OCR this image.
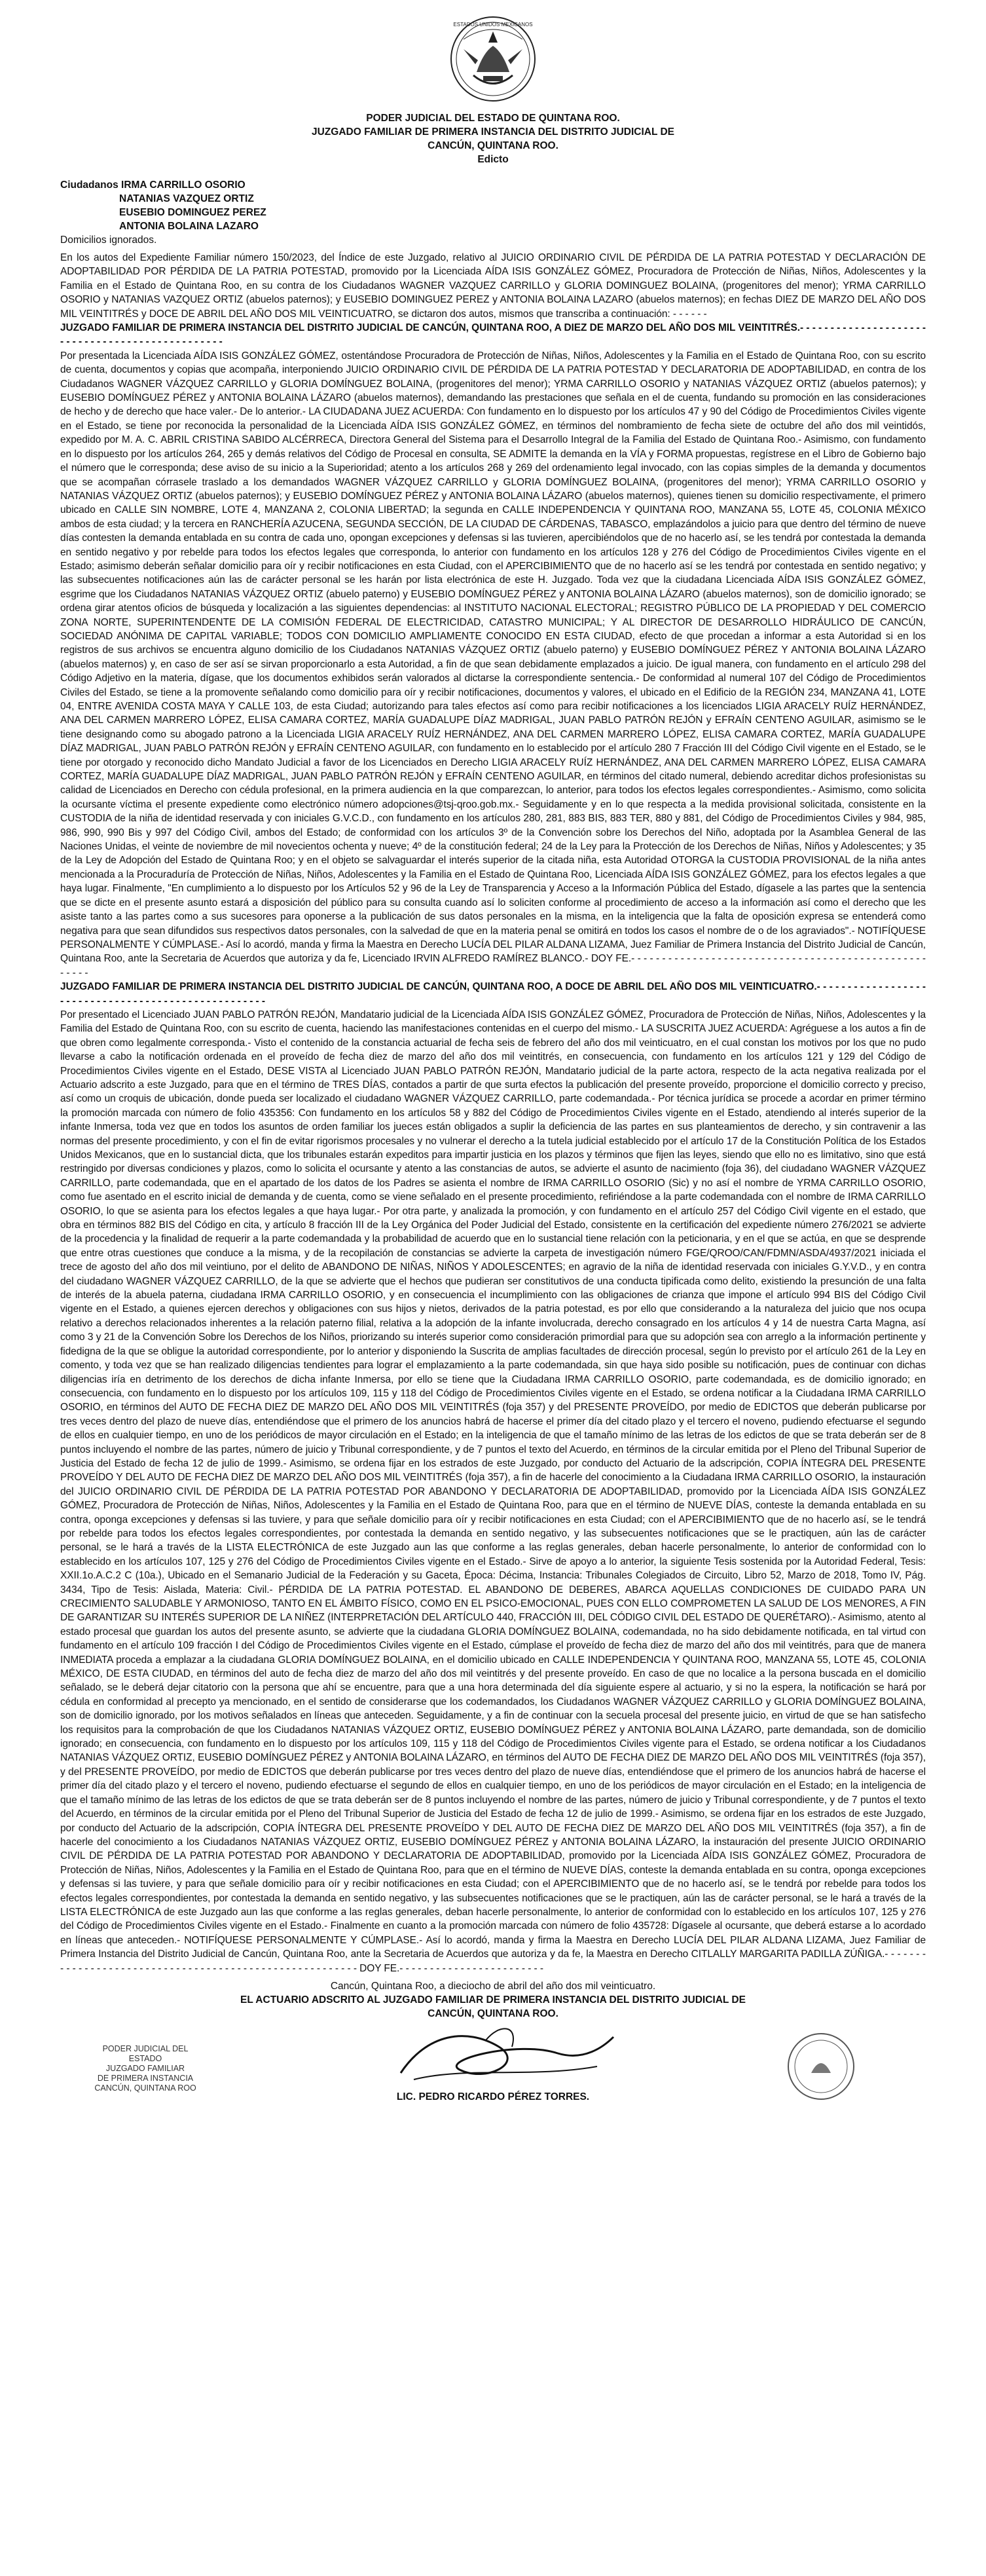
ESTADOS UNIDOS MEXICANOS
PODER JUDICIAL DEL ESTADO DE QUINTANA ROO.
JUZGADO FAMILIAR DE PRIMERA INSTANCIA DEL DISTRITO JUDICIAL DE
CANCÚN, QUINTANA ROO.
Edicto
Ciudadanos IRMA CARRILLO OSORIO
NATANIAS VAZQUEZ ORTIZ
EUSEBIO DOMINGUEZ PEREZ
ANTONIA BOLAINA LAZARO
Domicilios ignorados.

En los autos del Expediente Familiar número 150/2023, del Índice de este Juzgado, relativo al JUICIO ORDINARIO CIVIL DE PÉRDIDA DE LA PATRIA POTESTAD Y DECLARACIÓN DE ADOPTABILIDAD POR PÉRDIDA DE LA PATRIA POTESTAD, promovido por la Licenciada AÍDA ISIS GONZÁLEZ GÓMEZ, Procuradora de Protección de Niñas, Niños, Adolescentes y la Familia en el Estado de Quintana Roo, en su contra de los Ciudadanos WAGNER VAZQUEZ CARRILLO y GLORIA DOMINGUEZ BOLAINA, (progenitores del menor); YRMA CARRILLO OSORIO y NATANIAS VAZQUEZ ORTIZ (abuelos paternos); y EUSEBIO DOMINGUEZ PEREZ y ANTONIA BOLAINA LAZARO (abuelos maternos); en fechas DIEZ DE MARZO DEL AÑO DOS MIL VEINTITRÉS y DOCE DE ABRIL DEL AÑO DOS MIL VEINTICUATRO, se dictaron dos autos, mismos que transcriba a continuación: - - - - - -

JUZGADO FAMILIAR DE PRIMERA INSTANCIA DEL DISTRITO JUDICIAL DE CANCÚN, QUINTANA ROO, A DIEZ DE MARZO DEL AÑO DOS MIL VEINTITRÉS.- - - - - - - - - - - - - - - - - - - - - - - - - - - - - - - - - - - - - - - - - - - - - - - -

Por presentada la Licenciada AÍDA ISIS GONZÁLEZ GÓMEZ, ostentándose Procuradora de Protección de Niñas, Niños, Adolescentes y la Familia en el Estado de Quintana Roo, con su escrito de cuenta, documentos y copias que acompaña, interponiendo JUICIO ORDINARIO CIVIL DE PÉRDIDA DE LA PATRIA POTESTAD Y DECLARATORIA DE ADOPTABILIDAD, en contra de los Ciudadanos WAGNER VÁZQUEZ CARRILLO y GLORIA DOMÍNGUEZ BOLAINA, (progenitores del menor); YRMA CARRILLO OSORIO y NATANIAS VÁZQUEZ ORTIZ (abuelos paternos); y EUSEBIO DOMÍNGUEZ PÉREZ y ANTONIA BOLAINA LÁZARO (abuelos maternos), demandando las prestaciones que señala en el de cuenta, fundando su promoción en las consideraciones de hecho y de derecho que hace valer.- De lo anterior.- LA CIUDADANA JUEZ ACUERDA: Con fundamento en lo dispuesto por los artículos 47 y 90 del Código de Procedimientos Civiles vigente en el Estado, se tiene por reconocida la personalidad de la Licenciada AÍDA ISIS GONZÁLEZ GÓMEZ, en términos del nombramiento de fecha siete de octubre del año dos mil veintidós, expedido por M. A. C. ABRIL CRISTINA SABIDO ALCÉRRECA, Directora General del Sistema para el Desarrollo Integral de la Familia del Estado de Quintana Roo.- Asimismo, con fundamento en lo dispuesto por los artículos 264, 265 y demás relativos del Código de Procesal en consulta, SE ADMITE la demanda en la VÍA y FORMA propuestas, regístrese en el Libro de Gobierno bajo el número que le corresponda; dese aviso de su inicio a la Superioridad; atento a los artículos 268 y 269 del ordenamiento legal invocado, con las copias simples de la demanda y documentos que se acompañan córrasele traslado a los demandados WAGNER VÁZQUEZ CARRILLO y GLORIA DOMÍNGUEZ BOLAINA, (progenitores del menor); YRMA CARRILLO OSORIO y NATANIAS VÁZQUEZ ORTIZ (abuelos paternos); y EUSEBIO DOMÍNGUEZ PÉREZ y ANTONIA BOLAINA LÁZARO (abuelos maternos), quienes tienen su domicilio respectivamente, el primero ubicado en CALLE SIN NOMBRE, LOTE 4, MANZANA 2, COLONIA LIBERTAD; la segunda en CALLE INDEPENDENCIA Y QUINTANA ROO, MANZANA 55, LOTE 45, COLONIA MÉXICO ambos de esta ciudad; y la tercera en RANCHERÍA AZUCENA, SEGUNDA SECCIÓN, DE LA CIUDAD DE CÁRDENAS, TABASCO, emplazándolos a juicio para que dentro del término de nueve días contesten la demanda entablada en su contra de cada uno, opongan excepciones y defensas si las tuvieren, apercibiéndolos que de no hacerlo así, se les tendrá por contestada la demanda en sentido negativo y por rebelde para todos los efectos legales que corresponda, lo anterior con fundamento en los artículos 128 y 276 del Código de Procedimientos Civiles vigente en el Estado; asimismo deberán señalar domicilio para oír y recibir notificaciones en esta Ciudad, con el APERCIBIMIENTO que de no hacerlo así se les tendrá por contestada en sentido negativo; y las subsecuentes notificaciones aún las de carácter personal se les harán por lista electrónica de este H. Juzgado. Toda vez que la ciudadana Licenciada AÍDA ISIS GONZÁLEZ GÓMEZ, esgrime que los Ciudadanos NATANIAS VÁZQUEZ ORTIZ (abuelo paterno) y EUSEBIO DOMÍNGUEZ PÉREZ y ANTONIA BOLAINA LÁZARO (abuelos maternos), son de domicilio ignorado; se ordena girar atentos oficios de búsqueda y localización a las siguientes dependencias: al INSTITUTO NACIONAL ELECTORAL; REGISTRO PÚBLICO DE LA PROPIEDAD Y DEL COMERCIO ZONA NORTE, SUPERINTENDENTE DE LA COMISIÓN FEDERAL DE ELECTRICIDAD, CATASTRO MUNICIPAL; Y AL DIRECTOR DE DESARROLLO HIDRÁULICO DE CANCÚN, SOCIEDAD ANÓNIMA DE CAPITAL VARIABLE; TODOS CON DOMICILIO AMPLIAMENTE CONOCIDO EN ESTA CIUDAD, efecto de que procedan a informar a esta Autoridad si en los registros de sus archivos se encuentra alguno domicilio de los Ciudadanos NATANIAS VÁZQUEZ ORTIZ (abuelo paterno) y EUSEBIO DOMÍNGUEZ PÉREZ Y ANTONIA BOLAINA LÁZARO (abuelos maternos) y, en caso de ser así se sirvan proporcionarlo a esta Autoridad, a fin de que sean debidamente emplazados a juicio. De igual manera, con fundamento en el artículo 298 del Código Adjetivo en la materia, dígase, que los documentos exhibidos serán valorados al dictarse la correspondiente sentencia.- De conformidad al numeral 107 del Código de Procedimientos Civiles del Estado, se tiene a la promovente señalando como domicilio para oír y recibir notificaciones, documentos y valores, el ubicado en el Edificio de la REGIÓN 234, MANZANA 41, LOTE 04, ENTRE AVENIDA COSTA MAYA Y CALLE 103, de esta Ciudad; autorizando para tales efectos así como para recibir notificaciones a los licenciados LIGIA ARACELY RUÍZ HERNÁNDEZ, ANA DEL CARMEN MARRERO LÓPEZ, ELISA CAMARA CORTEZ, MARÍA GUADALUPE DÍAZ MADRIGAL, JUAN PABLO PATRÓN REJÓN y EFRAÍN CENTENO AGUILAR, asimismo se le tiene designando como su abogado patrono a la Licenciada LIGIA ARACELY RUÍZ HERNÁNDEZ, ANA DEL CARMEN MARRERO LÓPEZ, ELISA CAMARA CORTEZ, MARÍA GUADALUPE DÍAZ MADRIGAL, JUAN PABLO PATRÓN REJÓN y EFRAÍN CENTENO AGUILAR, con fundamento en lo establecido por el artículo 280 7 Fracción III del Código Civil vigente en el Estado, se le tiene por otorgado y reconocido dicho Mandato Judicial a favor de los Licenciados en Derecho LIGIA ARACELY RUÍZ HERNÁNDEZ, ANA DEL CARMEN MARRERO LÓPEZ, ELISA CAMARA CORTEZ, MARÍA GUADALUPE DÍAZ MADRIGAL, JUAN PABLO PATRÓN REJÓN y EFRAÍN CENTENO AGUILAR, en términos del citado numeral, debiendo acreditar dichos profesionistas su calidad de Licenciados en Derecho con cédula profesional, en la primera audiencia en la que comparezcan, lo anterior, para todos los efectos legales correspondientes.- Asimismo, como solicita la ocursante víctima el presente expediente como electrónico número adopciones@tsj-qroo.gob.mx.- Seguidamente y en lo que respecta a la medida provisional solicitada, consistente en la CUSTODIA de la niña de identidad reservada y con iniciales G.V.C.D., con fundamento en los artículos 280, 281, 883 BIS, 883 TER, 880 y 881, del Código de Procedimientos Civiles y 984, 985, 986, 990, 990 Bis y 997 del Código Civil, ambos del Estado; de conformidad con los artículos 3º de la Convención sobre los Derechos del Niño, adoptada por la Asamblea General de las Naciones Unidas, el veinte de noviembre de mil novecientos ochenta y nueve; 4º de la constitución federal; 24 de la Ley para la Protección de los Derechos de Niñas, Niños y Adolescentes; y 35 de la Ley de Adopción del Estado de Quintana Roo; y en el objeto se salvaguardar el interés superior de la citada niña, esta Autoridad OTORGA la CUSTODIA PROVISIONAL de la niña antes mencionada a la Procuraduría de Protección de Niñas, Niños, Adolescentes y la Familia en el Estado de Quintana Roo, Licenciada AÍDA ISIS GONZÁLEZ GÓMEZ, para los efectos legales a que haya lugar. Finalmente, "En cumplimiento a lo dispuesto por los Artículos 52 y 96 de la Ley de Transparencia y Acceso a la Información Pública del Estado, dígasele a las partes que la sentencia que se dicte en el presente asunto estará a disposición del público para su consulta cuando así lo soliciten conforme al procedimiento de acceso a la información así como el derecho que les asiste tanto a las partes como a sus sucesores para oponerse a la publicación de sus datos personales en la misma, en la inteligencia que la falta de oposición expresa se entenderá como negativa para que sean difundidos sus respectivos datos personales, con la salvedad de que en la materia penal se omitirá en todos los casos el nombre de o de los agraviados".- NOTIFÍQUESE PERSONALMENTE Y CÚMPLASE.- Así lo acordó, manda y firma la Maestra en Derecho LUCÍA DEL PILAR ALDANA LIZAMA, Juez Familiar de Primera Instancia del Distrito Judicial de Cancún, Quintana Roo, ante la Secretaria de Acuerdos que autoriza y da fe, Licenciado IRVIN ALFREDO RAMÍREZ BLANCO.- DOY FE.- - - - - - - - - - - - - - - - - - - - - - - - - - - - - - - - - - - - - - - - - - - - - - - - - - - - -

JUZGADO FAMILIAR DE PRIMERA INSTANCIA DEL DISTRITO JUDICIAL DE CANCÚN, QUINTANA ROO, A DOCE DE ABRIL DEL AÑO DOS MIL VEINTICUATRO.- - - - - - - - - - - - - - - - - - - - - - - - - - - - - - - - - - - - - - - - - - - - - - - - - - - -

Por presentado el Licenciado JUAN PABLO PATRÓN REJÓN, Mandatario judicial de la Licenciada AÍDA ISIS GONZÁLEZ GÓMEZ, Procuradora de Protección de Niñas, Niños, Adolescentes y la Familia del Estado de Quintana Roo, con su escrito de cuenta, haciendo las manifestaciones contenidas en el cuerpo del mismo.- LA SUSCRITA JUEZ ACUERDA: Agréguese a los autos a fin de que obren como legalmente corresponda.- Visto el contenido de la constancia actuarial de fecha seis de febrero del año dos mil veinticuatro, en el cual constan los motivos por los que no pudo llevarse a cabo la notificación ordenada en el proveído de fecha diez de marzo del año dos mil veintitrés, en consecuencia, con fundamento en los artículos 121 y 129 del Código de Procedimientos Civiles vigente en el Estado, DESE VISTA al Licenciado JUAN PABLO PATRÓN REJÓN, Mandatario judicial de la parte actora, respecto de la acta negativa realizada por el Actuario adscrito a este Juzgado, para que en el término de TRES DÍAS, contados a partir de que surta efectos la publicación del presente proveído, proporcione el domicilio correcto y preciso, así como un croquis de ubicación, donde pueda ser localizado el ciudadano WAGNER VÁZQUEZ CARRILLO, parte codemandada.- Por técnica jurídica se procede a acordar en primer término la promoción marcada con número de folio 435356: Con fundamento en los artículos 58 y 882 del Código de Procedimientos Civiles vigente en el Estado, atendiendo al interés superior de la infante Inmersa, toda vez que en todos los asuntos de orden familiar los jueces están obligados a suplir la deficiencia de las partes en sus planteamientos de derecho, y sin contravenir a las normas del presente procedimiento, y con el fin de evitar rigorismos procesales y no vulnerar el derecho a la tutela judicial establecido por el artículo 17 de la Constitución Política de los Estados Unidos Mexicanos, que en lo sustancial dicta, que los tribunales estarán expeditos para impartir justicia en los plazos y términos que fijen las leyes, siendo que ello no es limitativo, sino que está restringido por diversas condiciones y plazos, como lo solicita el ocursante y atento a las constancias de autos, se advierte el asunto de nacimiento (foja 36), del ciudadano WAGNER VÁZQUEZ CARRILLO, parte codemandada, que en el apartado de los datos de los Padres se asienta el nombre de IRMA CARRILLO OSORIO (Sic) y no así el nombre de YRMA CARRILLO OSORIO, como fue asentado en el escrito inicial de demanda y de cuenta, como se viene señalado en el presente procedimiento, refiriéndose a la parte codemandada con el nombre de IRMA CARRILLO OSORIO, lo que se asienta para los efectos legales a que haya lugar.- Por otra parte, y analizada la promoción, y con fundamento en el artículo 257 del Código Civil vigente en el estado, que obra en términos 882 BIS del Código en cita, y artículo 8 fracción III de la Ley Orgánica del Poder Judicial del Estado, consistente en la certificación del expediente número 276/2021 se advierte de la procedencia y la finalidad de requerir a la parte codemandada y la probabilidad de acuerdo que en lo sustancial tiene relación con la peticionaria, y en el que se actúa, en que se desprende que entre otras cuestiones que conduce a la misma, y de la recopilación de constancias se advierte la carpeta de investigación número FGE/QROO/CAN/FDMN/ASDA/4937/2021 iniciada el trece de agosto del año dos mil veintiuno, por el delito de ABANDONO DE NIÑAS, NIÑOS Y ADOLESCENTES; en agravio de la niña de identidad reservada con iniciales G.Y.V.D., y en contra del ciudadano WAGNER VÁZQUEZ CARRILLO, de la que se advierte que el hechos que pudieran ser constitutivos de una conducta tipificada como delito, existiendo la presunción de una falta de interés de la abuela paterna, ciudadana IRMA CARRILLO OSORIO, y en consecuencia el incumplimiento con las obligaciones de crianza que impone el artículo 994 BIS del Código Civil vigente en el Estado, a quienes ejercen derechos y obligaciones con sus hijos y nietos, derivados de la patria potestad, es por ello que considerando a la naturaleza del juicio que nos ocupa relativo a derechos relacionados inherentes a la relación paterno filial, relativa a la adopción de la infante involucrada, derecho consagrado en los artículos 4 y 14 de nuestra Carta Magna, así como 3 y 21 de la Convención Sobre los Derechos de los Niños, priorizando su interés superior como consideración primordial para que su adopción sea con arreglo a la información pertinente y fidedigna de la que se obligue la autoridad correspondiente, por lo anterior y disponiendo la Suscrita de amplias facultades de dirección procesal, según lo previsto por el artículo 261 de la Ley en comento, y toda vez que se han realizado diligencias tendientes para lograr el emplazamiento a la parte codemandada, sin que haya sido posible su notificación, pues de continuar con dichas diligencias iría en detrimento de los derechos de dicha infante Inmersa, por ello se tiene que la Ciudadana IRMA CARRILLO OSORIO, parte codemandada, es de domicilio ignorado; en consecuencia, con fundamento en lo dispuesto por los artículos 109, 115 y 118 del Código de Procedimientos Civiles vigente en el Estado, se ordena notificar a la Ciudadana IRMA CARRILLO OSORIO, en términos del AUTO DE FECHA DIEZ DE MARZO DEL AÑO DOS MIL VEINTITRÉS (foja 357) y del PRESENTE PROVEÍDO, por medio de EDICTOS que deberán publicarse por tres veces dentro del plazo de nueve días, entendiéndose que el primero de los anuncios habrá de hacerse el primer día del citado plazo y el tercero el noveno, pudiendo efectuarse el segundo de ellos en cualquier tiempo, en uno de los periódicos de mayor circulación en el Estado; en la inteligencia de que el tamaño mínimo de las letras de los edictos de que se trata deberán ser de 8 puntos incluyendo el nombre de las partes, número de juicio y Tribunal correspondiente, y de 7 puntos el texto del Acuerdo, en términos de la circular emitida por el Pleno del Tribunal Superior de Justicia del Estado de fecha 12 de julio de 1999.- Asimismo, se ordena fijar en los estrados de este Juzgado, por conducto del Actuario de la adscripción, COPIA ÍNTEGRA DEL PRESENTE PROVEÍDO Y DEL AUTO DE FECHA DIEZ DE MARZO DEL AÑO DOS MIL VEINTITRÉS (foja 357), a fin de hacerle del conocimiento a la Ciudadana IRMA CARRILLO OSORIO, la instauración del JUICIO ORDINARIO CIVIL DE PÉRDIDA DE LA PATRIA POTESTAD POR ABANDONO Y DECLARATORIA DE ADOPTABILIDAD, promovido por la Licenciada AÍDA ISIS GONZÁLEZ GÓMEZ, Procuradora de Protección de Niñas, Niños, Adolescentes y la Familia en el Estado de Quintana Roo, para que en el término de NUEVE DÍAS, conteste la demanda entablada en su contra, oponga excepciones y defensas si las tuviere, y para que señale domicilio para oír y recibir notificaciones en esta Ciudad; con el APERCIBIMIENTO que de no hacerlo así, se le tendrá por rebelde para todos los efectos legales correspondientes, por contestada la demanda en sentido negativo, y las subsecuentes notificaciones que se le practiquen, aún las de carácter personal, se le hará a través de la LISTA ELECTRÓNICA de este Juzgado aun las que conforme a las reglas generales, deban hacerle personalmente, lo anterior de conformidad con lo establecido en los artículos 107, 125 y 276 del Código de Procedimientos Civiles vigente en el Estado.- Sirve de apoyo a lo anterior, la siguiente Tesis sostenida por la Autoridad Federal, Tesis: XXII.1o.A.C.2 C (10a.), Ubicado en el Semanario Judicial de la Federación y su Gaceta, Época: Décima, Instancia: Tribunales Colegiados de Circuito, Libro 52, Marzo de 2018, Tomo IV, Pág. 3434, Tipo de Tesis: Aislada, Materia: Civil.- PÉRDIDA DE LA PATRIA POTESTAD. EL ABANDONO DE DEBERES, ABARCA AQUELLAS CONDICIONES DE CUIDADO PARA UN CRECIMIENTO SALUDABLE Y ARMONIOSO, TANTO EN EL ÁMBITO FÍSICO, COMO EN EL PSICO-EMOCIONAL, PUES CON ELLO COMPROMETEN LA SALUD DE LOS MENORES, A FIN DE GARANTIZAR SU INTERÉS SUPERIOR DE LA NIÑEZ (INTERPRETACIÓN DEL ARTÍCULO 440, FRACCIÓN III, DEL CÓDIGO CIVIL DEL ESTADO DE QUERÉTARO).- Asimismo, atento al estado procesal que guardan los autos del presente asunto, se advierte que la ciudadana GLORIA DOMÍNGUEZ BOLAINA, codemandada, no ha sido debidamente notificada, en tal virtud con fundamento en el artículo 109 fracción I del Código de Procedimientos Civiles vigente en el Estado, cúmplase el proveído de fecha diez de marzo del año dos mil veintitrés, para que de manera INMEDIATA proceda a emplazar a la ciudadana GLORIA DOMÍNGUEZ BOLAINA, en el domicilio ubicado en CALLE INDEPENDENCIA Y QUINTANA ROO, MANZANA 55, LOTE 45, COLONIA MÉXICO, DE ESTA CIUDAD, en términos del auto de fecha diez de marzo del año dos mil veintitrés y del presente proveído. En caso de que no localice a la persona buscada en el domicilio señalado, se le deberá dejar citatorio con la persona que ahí se encuentre, para que a una hora determinada del día siguiente espere al actuario, y si no la espera, la notificación se hará por cédula en conformidad al precepto ya mencionado, en el sentido de considerarse que los codemandados, los Ciudadanos WAGNER VÁZQUEZ CARRILLO y GLORIA DOMÍNGUEZ BOLAINA, son de domicilio ignorado, por los motivos señalados en líneas que anteceden. Seguidamente, y a fin de continuar con la secuela procesal del presente juicio, en virtud de que se han satisfecho los requisitos para la comprobación de que los Ciudadanos NATANIAS VÁZQUEZ ORTIZ, EUSEBIO DOMÍNGUEZ PÉREZ y ANTONIA BOLAINA LÁZARO, parte demandada, son de domicilio ignorado; en consecuencia, con fundamento en lo dispuesto por los artículos 109, 115 y 118 del Código de Procedimientos Civiles vigente para el Estado, se ordena notificar a los Ciudadanos NATANIAS VÁZQUEZ ORTIZ, EUSEBIO DOMÍNGUEZ PÉREZ y ANTONIA BOLAINA LÁZARO, en términos del AUTO DE FECHA DIEZ DE MARZO DEL AÑO DOS MIL VEINTITRÉS (foja 357), y del PRESENTE PROVEÍDO, por medio de EDICTOS que deberán publicarse por tres veces dentro del plazo de nueve días, entendiéndose que el primero de los anuncios habrá de hacerse el primer día del citado plazo y el tercero el noveno, pudiendo efectuarse el segundo de ellos en cualquier tiempo, en uno de los periódicos de mayor circulación en el Estado; en la inteligencia de que el tamaño mínimo de las letras de los edictos de que se trata deberán ser de 8 puntos incluyendo el nombre de las partes, número de juicio y Tribunal correspondiente, y de 7 puntos el texto del Acuerdo, en términos de la circular emitida por el Pleno del Tribunal Superior de Justicia del Estado de fecha 12 de julio de 1999.- Asimismo, se ordena fijar en los estrados de este Juzgado, por conducto del Actuario de la adscripción, COPIA ÍNTEGRA DEL PRESENTE PROVEÍDO Y DEL AUTO DE FECHA DIEZ DE MARZO DEL AÑO DOS MIL VEINTITRÉS (foja 357), a fin de hacerle del conocimiento a los Ciudadanos NATANIAS VÁZQUEZ ORTIZ, EUSEBIO DOMÍNGUEZ PÉREZ y ANTONIA BOLAINA LÁZARO, la instauración del presente JUICIO ORDINARIO CIVIL DE PÉRDIDA DE LA PATRIA POTESTAD POR ABANDONO Y DECLARATORIA DE ADOPTABILIDAD, promovido por la Licenciada AÍDA ISIS GONZÁLEZ GÓMEZ, Procuradora de Protección de Niñas, Niños, Adolescentes y la Familia en el Estado de Quintana Roo, para que en el término de NUEVE DÍAS, conteste la demanda entablada en su contra, oponga excepciones y defensas si las tuviere, y para que señale domicilio para oír y recibir notificaciones en esta Ciudad; con el APERCIBIMIENTO que de no hacerlo así, se le tendrá por rebelde para todos los efectos legales correspondientes, por contestada la demanda en sentido negativo, y las subsecuentes notificaciones que se le practiquen, aún las de carácter personal, se le hará a través de la LISTA ELECTRÓNICA de este Juzgado aun las que conforme a las reglas generales, deban hacerle personalmente, lo anterior de conformidad con lo establecido en los artículos 107, 125 y 276 del Código de Procedimientos Civiles vigente en el Estado.- Finalmente en cuanto a la promoción marcada con número de folio 435728: Dígasele al ocursante, que deberá estarse a lo acordado en líneas que anteceden.- NOTIFÍQUESE PERSONALMENTE Y CÚMPLASE.- Así lo acordó, manda y firma la Maestra en Derecho LUCÍA DEL PILAR ALDANA LIZAMA, Juez Familiar de Primera Instancia del Distrito Judicial de Cancún, Quintana Roo, ante la Secretaria de Acuerdos que autoriza y da fe, la Maestra en Derecho CITLALLY MARGARITA PADILLA ZÚÑIGA.- - - - - - - - - - - - - - - - - - - - - - - - - - - - - - - - - - - - - - - - - - - - - - - - - - - - - - - - DOY FE.- - - - - - - - - - - - - - - - - - - - - - - -

Cancún, Quintana Roo, a dieciocho de abril del año dos mil veinticuatro.
EL ACTUARIO ADSCRITO AL JUZGADO FAMILIAR DE PRIMERA INSTANCIA DEL DISTRITO JUDICIAL DE
CANCÚN, QUINTANA ROO.
LIC. PEDRO RICARDO PÉREZ TORRES.
PODER JUDICIAL DEL ESTADO
JUZGADO FAMILIAR
DE PRIMERA INSTANCIA
CANCÚN, QUINTANA ROO
